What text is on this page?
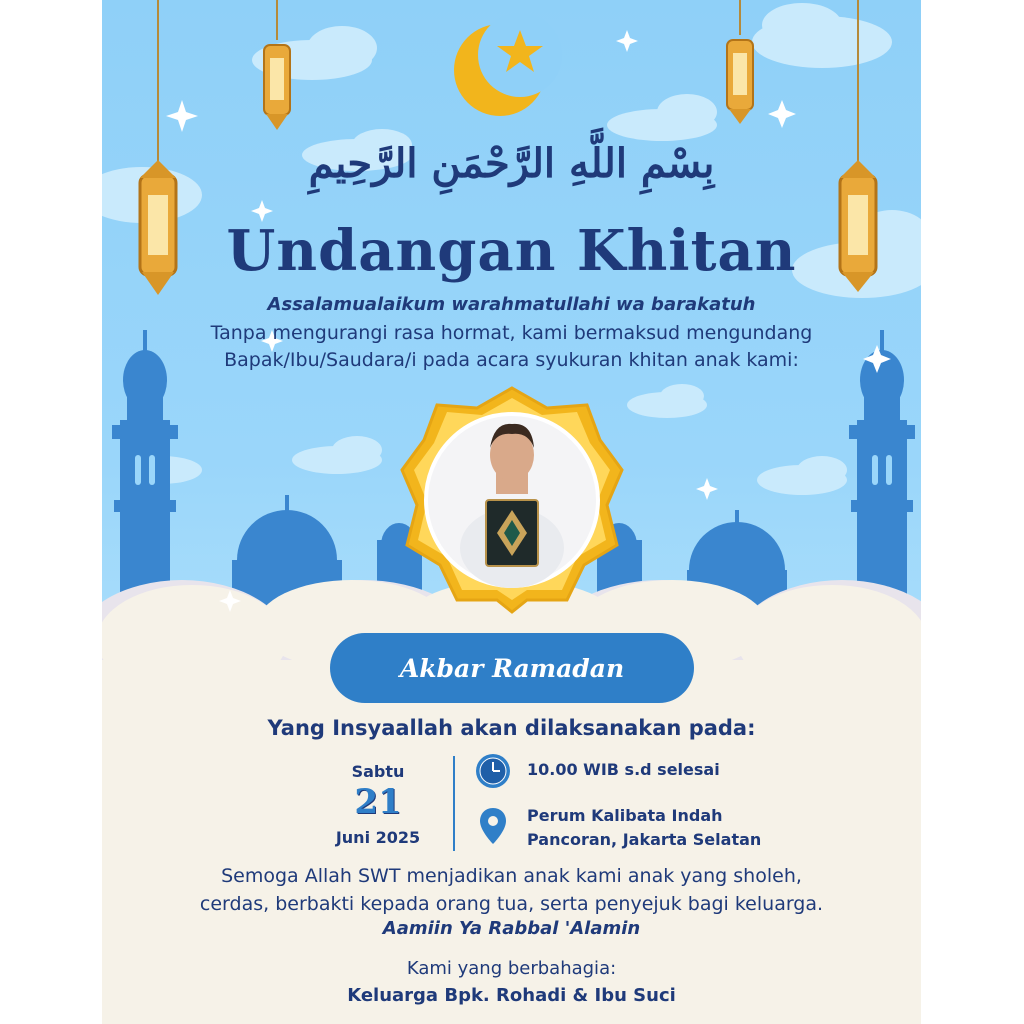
بِسْمِ اللَّهِ الرَّحْمَنِ الرَّحِيمِ
Undangan Khitan
Assalamualaikum warahmatullahi wa barakatuh
Tanpa mengurangi rasa hormat, kami bermaksud mengundang
Bapak/Ibu/Saudara/i pada acara syukuran khitan anak kami:
Akbar Ramadan
Yang Insyaallah akan dilaksanakan pada:
Sabtu
21
Juni 2025
10.00 WIB s.d selesai
Perum Kalibata Indah
Pancoran, Jakarta Selatan
Semoga Allah SWT menjadikan anak kami anak yang sholeh,
cerdas, berbakti kepada orang tua, serta penyejuk bagi keluarga.
Aamiin Ya Rabbal 'Alamin
Kami yang berbahagia:
Keluarga Bpk. Rohadi & Ibu Suci
